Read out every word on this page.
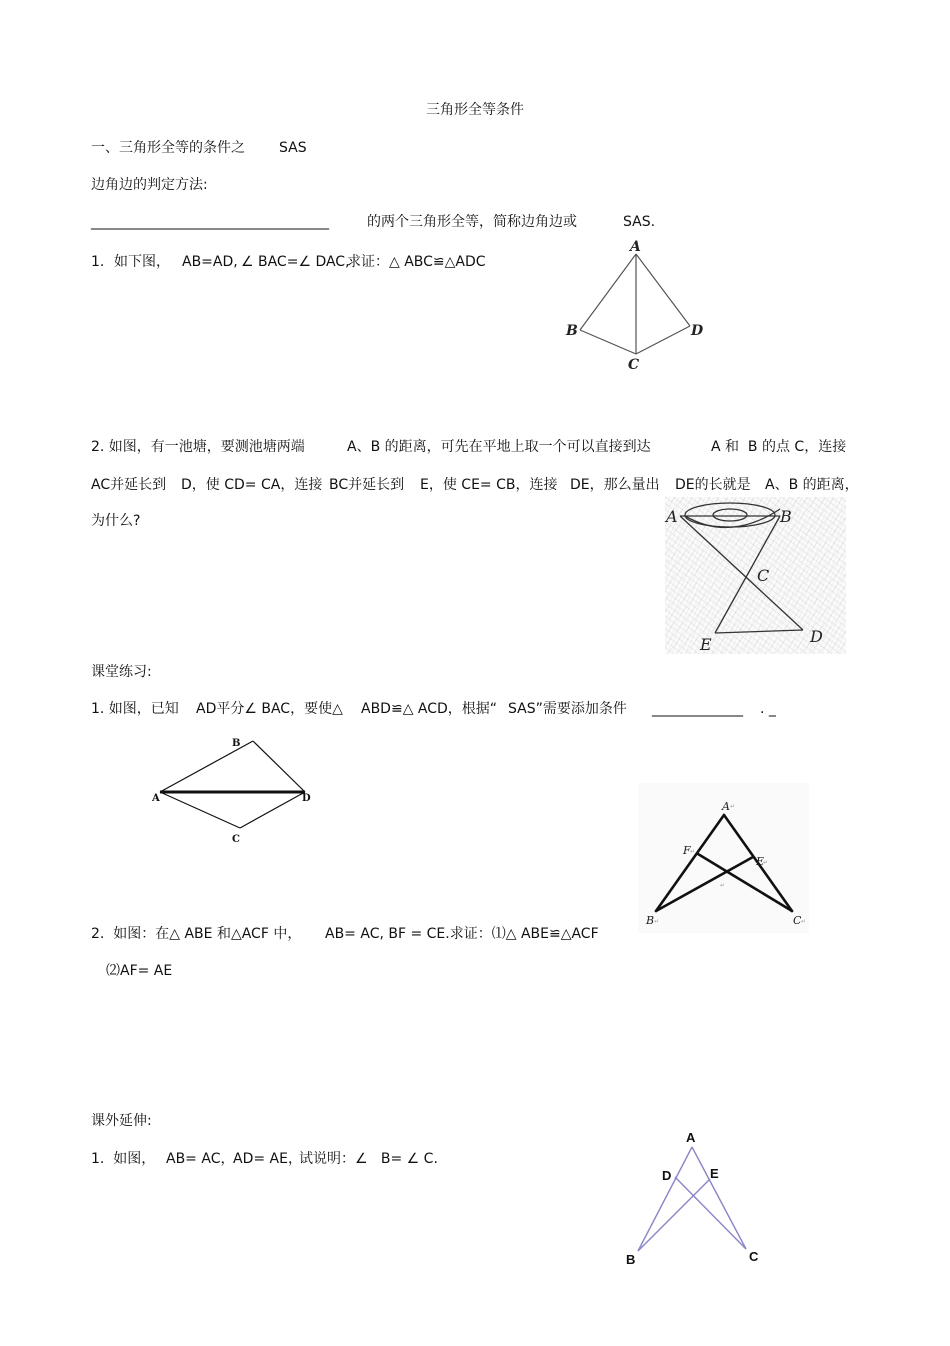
三角形全等条件
一、三角形全等的条件之 SAS
边角边的判定方法:
__________________________________	的两个三角形全等，简称边角边或	SAS.
1. 如下图， AB=AD, ∠ BAC=∠ DAC,
求证：△ ABC≌△ADC
A
B
C
D
2. 如图，有一池塘，要测池塘两端	A、B 的距离，可先在平地上取一个可以直接到达	A 和  B 的点 C，连接
AC并延长到 D，使 CD= CA，连接 BC并延长到 E，使 CE= CB，连接 DE，那么量出 DE的长就是 A、B 的距离，
为什么?	A	B
C
D
E
课堂练习:
1. 如图，已知 AD平分∠ BAC，要使△ ABD≌△ ACD，根据“ SAS”需要添加条件 _____________ . _
A
B
C
D
A ↵
B ↵	C ↵
E
↵
F ↵
↵
2.  如图：在△ ABE 和△ACF 中， AB= AC, BF = CE.求证：⑴△ ABE≌△ACF
⑵AF= AE
课外延伸:
1.  如图， AB= AC，
AD= AE，
试说明：∠   B= ∠ C.
A
B	C
D	E
